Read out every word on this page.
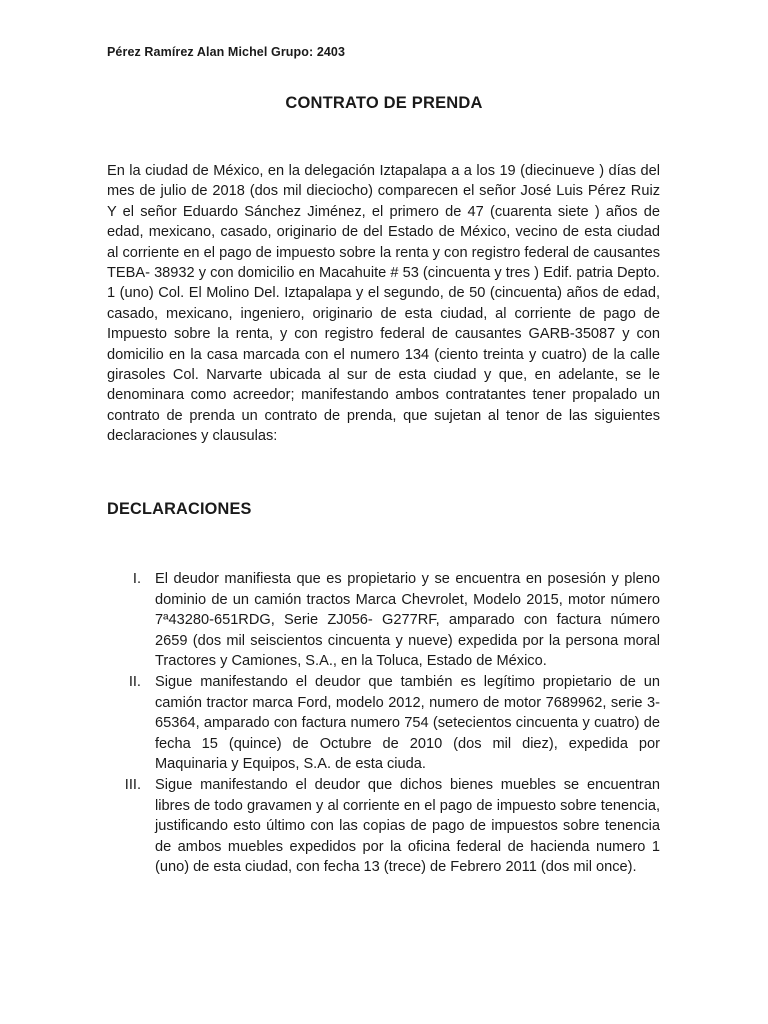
Pérez Ramírez Alan Michel Grupo: 2403
CONTRATO DE PRENDA

En la ciudad de México, en la delegación Iztapalapa a a los 19 (diecinueve ) días del mes de julio de 2018 (dos mil dieciocho) comparecen el señor José Luis Pérez Ruiz Y el señor Eduardo Sánchez Jiménez, el primero de 47 (cuarenta siete ) años de edad, mexicano, casado, originario de del Estado de México, vecino de esta ciudad al corriente en el pago de impuesto sobre la renta y con registro federal de causantes TEBA- 38932 y con domicilio en Macahuite # 53 (cincuenta y tres ) Edif. patria Depto. 1 (uno) Col. El Molino Del. Iztapalapa y el segundo, de 50 (cincuenta) años de edad, casado, mexicano, ingeniero, originario de esta ciudad, al corriente de pago de Impuesto sobre la renta, y con registro federal de causantes GARB-35087 y con domicilio en la casa marcada con el numero 134 (ciento treinta y cuatro) de la calle girasoles Col. Narvarte ubicada al sur de esta ciudad y que, en adelante, se le denominara como acreedor; manifestando ambos contratantes tener propalado un contrato de prenda un contrato de prenda, que sujetan al tenor de las siguientes declaraciones y clausulas:

DECLARACIONES
I. El deudor manifiesta que es propietario y se encuentra en posesión y pleno dominio de un camión tractos Marca Chevrolet, Modelo 2015, motor número 7ª43280-651RDG, Serie ZJ056- G277RF, amparado con factura número 2659 (dos mil seiscientos cincuenta y nueve) expedida por la persona moral Tractores y Camiones, S.A., en la Toluca, Estado de México.
II. Sigue manifestando el deudor que también es legítimo propietario de un camión tractor marca Ford, modelo 2012, numero de motor 7689962, serie 3-65364, amparado con factura numero 754 (setecientos cincuenta y cuatro) de fecha 15 (quince) de Octubre de 2010 (dos mil diez), expedida por Maquinaria y Equipos, S.A. de esta ciuda.
III. Sigue manifestando el deudor que dichos bienes muebles se encuentran libres de todo gravamen y al corriente en el pago de impuesto sobre tenencia, justificando esto último con las copias de pago de impuestos sobre tenencia de ambos muebles expedidos por la oficina federal de hacienda numero 1 (uno) de esta ciudad, con fecha 13 (trece) de Febrero 2011 (dos mil once).
